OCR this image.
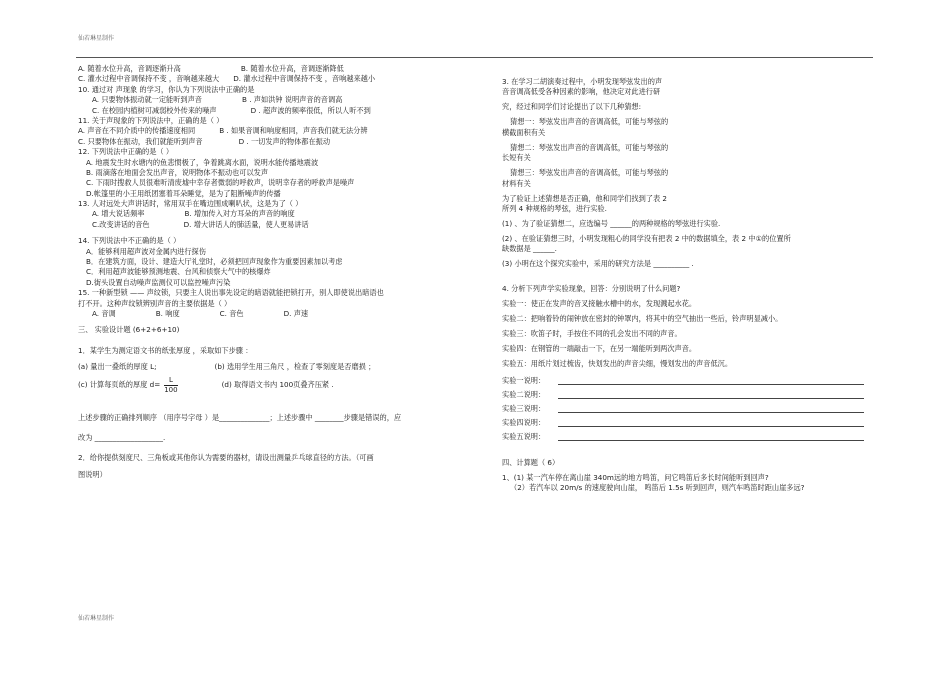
仙若琳星制作
A. 随着水位升高，音调逐渐升高	B. 随着水位升高，音调逐渐降低
C. 灌水过程中音调保持不变 ，音响越来越大 D. 灌水过程中音调保持不变 ，音响越来越小
10. 通过对 声现象 的学习，你认为下列说法中正确的是
A. 只要物体振动就一定能听到声音	B . 声如洪钟 说明声音的音调高
C. 在校园内植树可减弱校外传来的噪声	D . 超声波的频率很低，所以人听不到
11. 关于声现象的下列说法中，正确的是（ ）
A. 声音在不同介质中的传播速度相同	B . 如果音调和响度相同，声音我们就无法分辨
C. 只要物体在振动，我们就能听到声音	D . 一切发声的物体都在振动
12. 下列说法中正确的是（ ）
A. 地震发生时水塘内的鱼悲惯极了，争着跳离水面，说明水能传播地震波
B. 雨滴落在地面会发出声音，说明物体不振动也可以发声
C. 下雨时搜救人员很难听清废墟中幸存者微弱的呼救声，说明幸存者的呼救声是噪声
D.帐篷里的小王用纸团塞着耳朵睡觉，是为了阻断噪声的传播
13. 人对远处大声讲话时，常用双手在嘴边围成喇叭状，这是为了（ ）
A. 增大说话频率	B. 增加传入对方耳朵的声音的响度
C.改变讲话的音色	D. 增大讲话人的肺活量，使人更易讲话
14. 下列说法中不正确的是（ ）
A．能够利用超声波对金属内进行探伤
B．在建筑方面，设计、建造大厅礼堂时，必须把回声现象作为重要因素加以考虑
C．利用超声波能够预测地震、台风和侦察大气中的核爆炸
D.街头设置自动噪声监测仪可以监控噪声污染
15. 一种新型锁 —— 声纹锁，只要主人说出事先设定的暗语就能把锁打开，别人即使说出暗语也
打不开。这种声纹锁辨别声音的主要依据是（ ）
A. 音调	B. 响度	C. 音色	D. 声速
三、 实验设计题 (6+2+6+10)
1．某学生为测定语文书的纸张厚度 ，采取如下步骤 ：
(a) 量出一叠纸的厚度 L;	(b) 选用学生用三角尺 ，检查了零刻度是否磨损 ；
(c) 计算每页纸的厚度 $d= \frac{L}{100}$	(d) 取得语文书内 100页叠齐压紧 .
上述步骤的正确排列顺序 （用序号字母 ）是______________；上述步骤中 ________步骤是错误的，应
改为 ___________________.
2．给你提供刻度尺、三角板或其他你认为需要的器材，请设出测量乒乓球直径的方法。（可画
图说明）
3. 在学习二胡演奏过程中，小明发现琴弦发出的声
音音调高低受各种因素的影响，他决定对此进行研
究，经过和同学们讨论提出了以下几种猜想:
猜想一：琴弦发出声音的音调高低，可能与琴弦的
横截面积有关
猜想二：琴弦发出声音的音调高低，可能与琴弦的
长短有关
猜想三：琴弦发出声音的音调高低，可能与琴弦的
材料有关
为了验证上述猜想是否正确，他和同学们找到了表 2
所列 4 种规格的琴弦，进行实验.
(1) 、为了验证猜想二，应选编号 ______的两种规格的琴弦进行实验.
(2) 、在验证猜想三时，小明发现粗心的同学没有把表 2 中的数据填全，表 2 中①的位置所
缺数据是 ______.
(3) 小明在这个探究实验中，采用的研究方法是 __________ .
4. 分析下列声学实验现象，回答：分别说明了什么问题?
实验一：使正在发声的音叉接触水槽中的水，发现溅起水花。
实验二：把响着铃的闹钟放在密封的钟罩内，将其中的空气抽出一些后，铃声明显减小。
实验三：吹笛子时，手按住不同的孔会发出不同的声音。
实验四：在钢管的一端敲击一下，在另一端能听到两次声音。
实验五：用纸片划过梳齿，快划发出的声音尖细，慢划发出的声音低沉。
实验一说明：
实验二说明：
实验三说明：
实验四说明：
实验五说明：
四、计算题（ 6）
1、(1) 某一汽车停在离山崖 340m远的地方鸣笛，问它鸣笛后多长时间能听到回声?
（2）若汽车以 20m/s 的速度驶向山崖， 鸣笛后 1.5s 听到回声，则汽车鸣笛时距山崖多远?
仙若琳星制作
